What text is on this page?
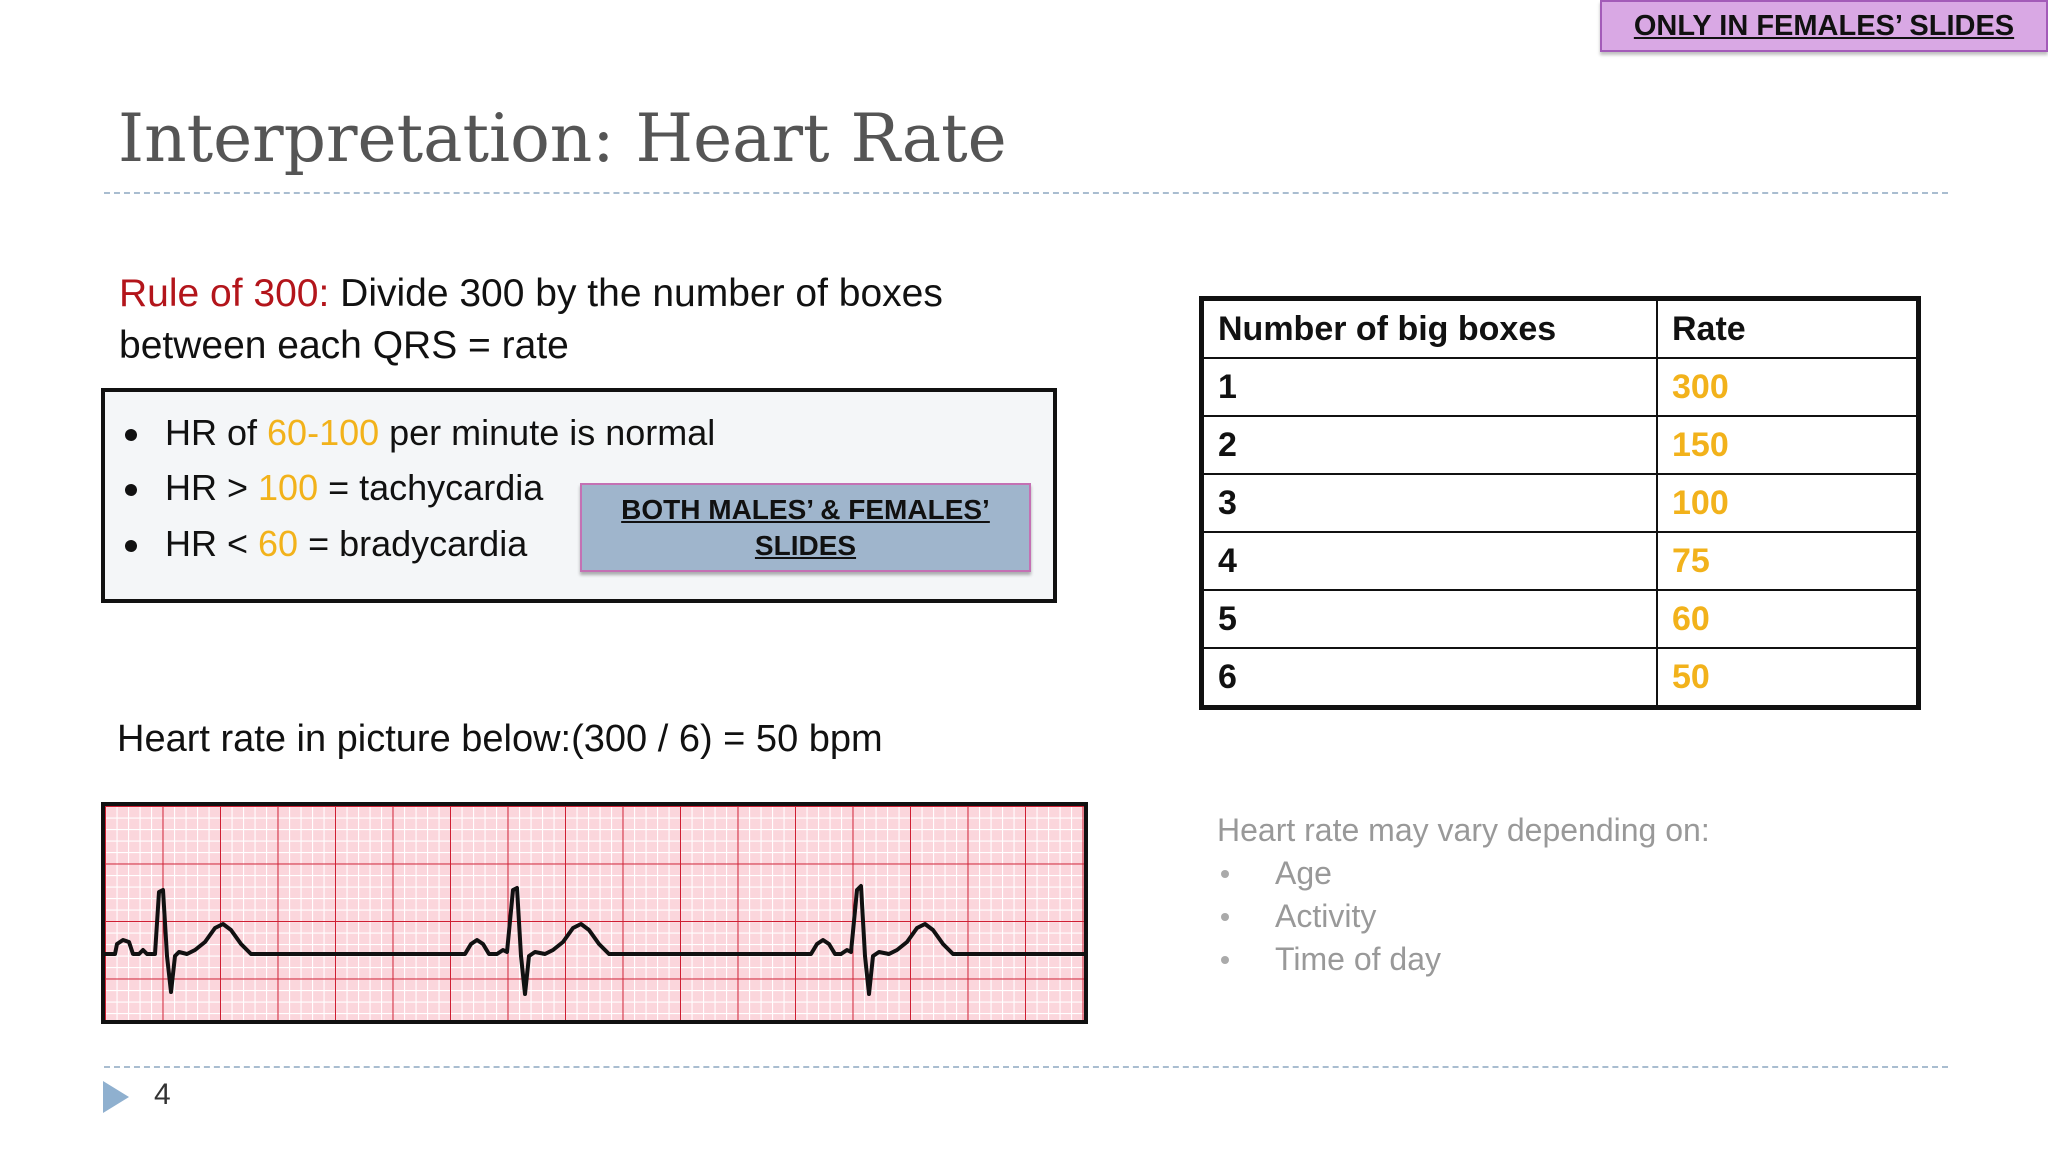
ONLY IN FEMALES’ SLIDES
Interpretation: Heart Rate
Rule of 300: Divide 300 by the number of boxes between each QRS = rate
HR of 60-100 per minute is normal
HR > 100 = tachycardia
HR < 60 = bradycardia
BOTH MALES’ & FEMALES’
SLIDES
Number of big boxes	Rate
1	300
2	150
3	100
4	75
5	60
6	50
Heart rate in picture below:(300 / 6) = 50 bpm
Heart rate may vary depending on:
Age
Activity
Time of day
4
